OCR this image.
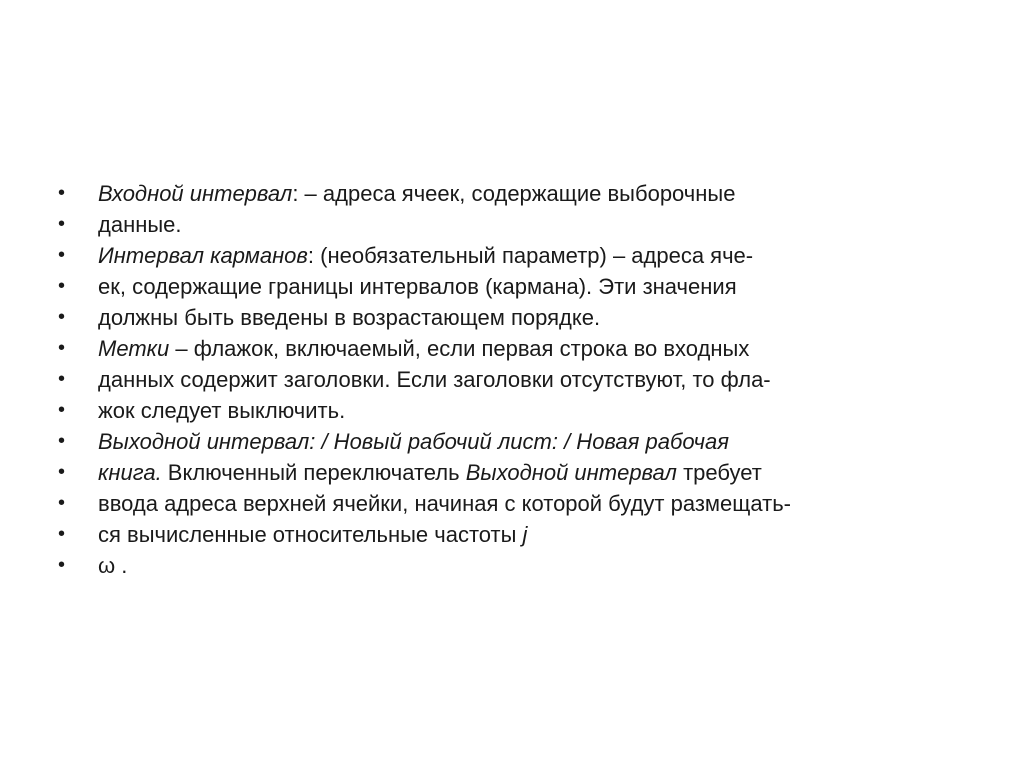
•	Входной интервал: – адреса ячеек, содержащие выборочные
•	данные.
•	Интервал карманов: (необязательный параметр) – адреса яче-
•	ек, содержащие границы интервалов (кармана). Эти значения
•	должны быть введены в возрастающем порядке.
•	Метки – флажок, включаемый, если первая строка во входных
•	данных содержит заголовки. Если заголовки отсутствуют, то фла-
•	жок следует выключить.
•	Выходной интервал: / Новый рабочий лист: / Новая рабочая
•	книга. Включенный переключатель Выходной интервал требует
•	ввода адреса верхней ячейки, начиная с которой будут размещать-
•	ся вычисленные относительные частоты j
•	ω .
